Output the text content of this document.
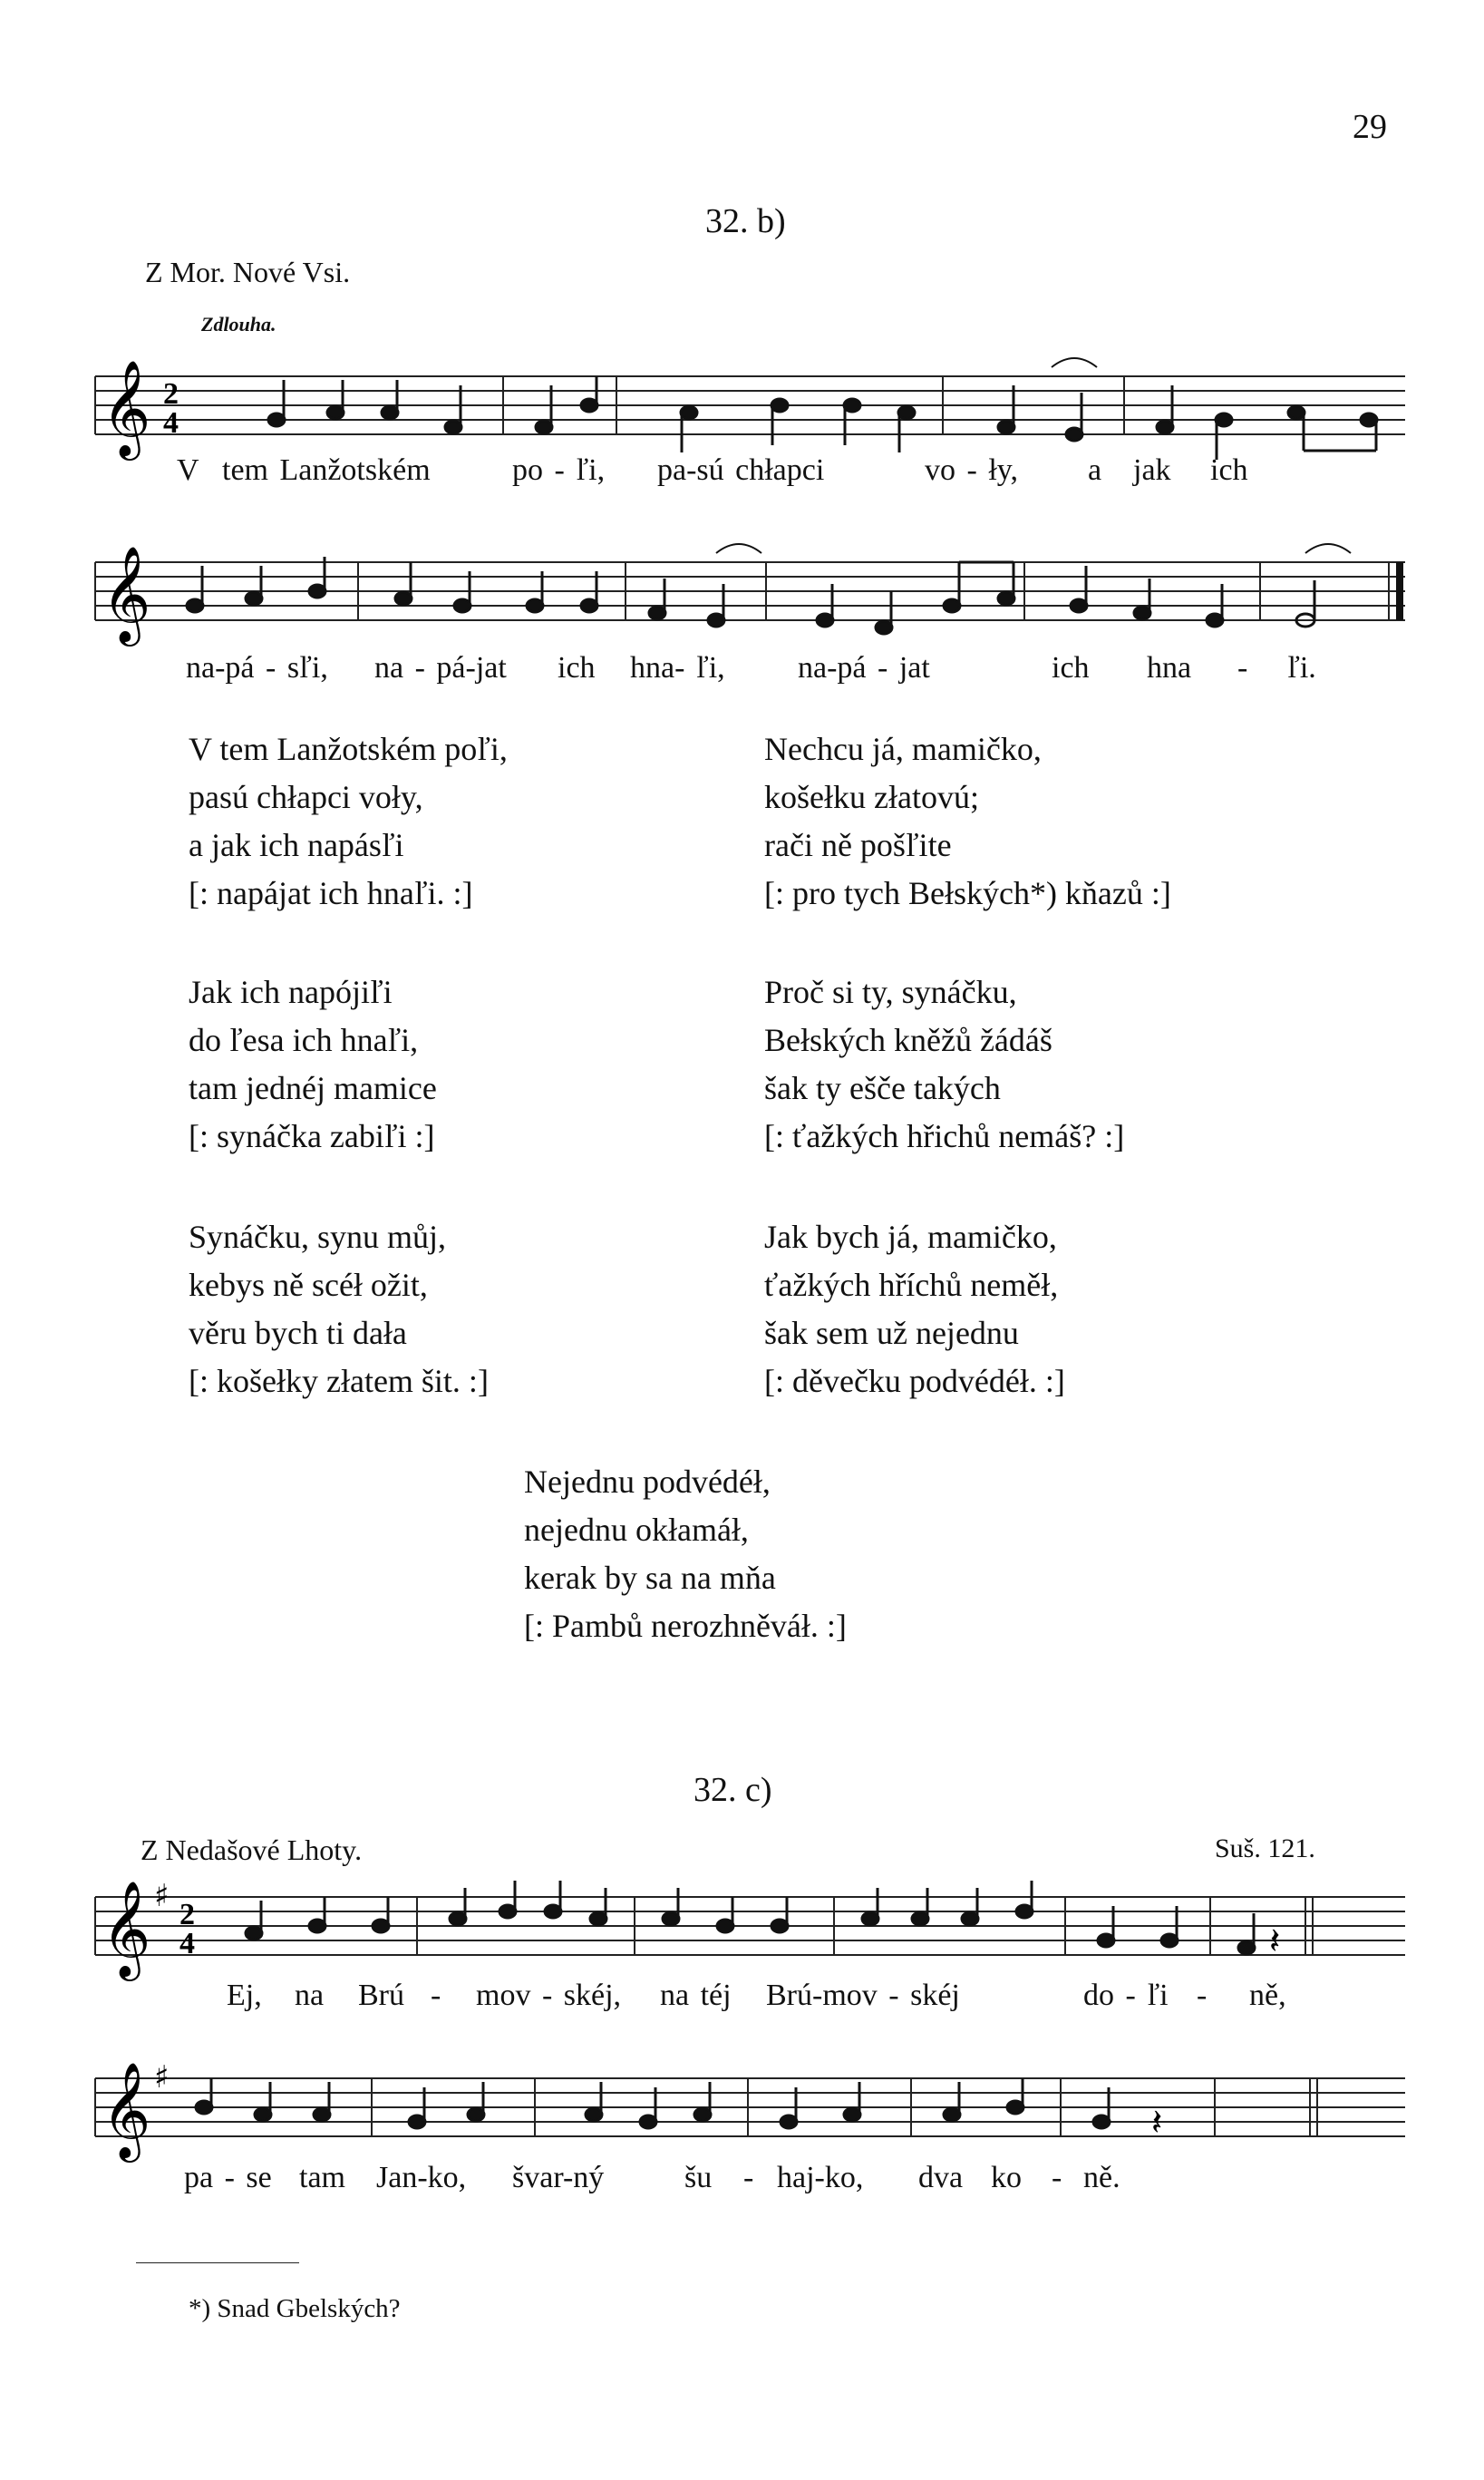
29
32. b)
Z Mor. Nové Vsi.
Zdlouha.
𝄞 2
4
V tem Lanžotském	po - ľi, pa-sú chłapci	vo - ły, a jak ich
𝄞
na-pá - sľi, na - pá-jat ich hna- ľi, na-pá - jat	ich hna - ľi.
V tem Lanžotském poľi,
pasú chłapci voły,
a jak ich napásľi
[: napájat ich hnaľi. :]
Nechcu já, mamičko,
košełku złatovú;
rači ně pošľite
[: pro tych Bełských*) kňazů :]
Jak ich napójiľi
do ľesa ich hnaľi,
tam jednéj mamice
[: synáčka zabiľi :]
Proč si ty, synáčku,
Bełských kněžů žádáš
šak ty ešče takých
[: ťažkých hřichů nemáš? :]
Synáčku, synu můj,
kebys ně scéł ožit,
věru bych ti dała
[: košełky złatem šit. :]
Jak bych já, mamičko,
ťažkých hříchů neměł,
šak sem už nejednu
[: děvečku podvédéł. :]
Nejednu podvédéł,
nejednu okłamáł,
kerak by sa na mňa
[: Pambů nerozhněváł. :]
32. c)
Z Nedašové Lhoty.	Suš. 121.
𝄞 ♯
2
4	𝄽
Ej, na Brú - mov - skéj, na téj Brú-mov - skéj	do - ľi - ně,
𝄞 ♯
𝄽
pa - se tam Jan-ko, švar-ný	šu - haj-ko, dva ko - ně.
*) Snad Gbelských?
